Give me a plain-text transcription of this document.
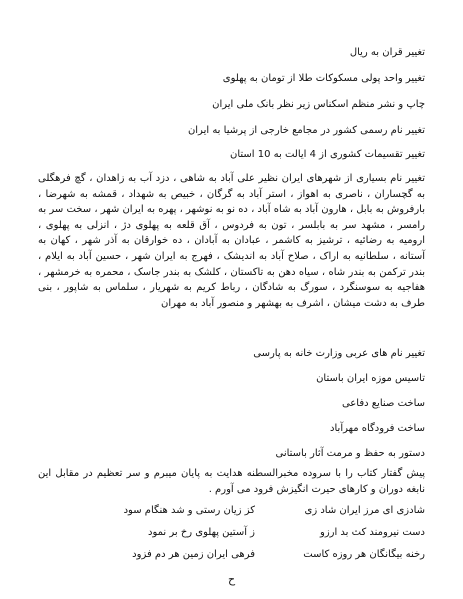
تغییر قران به ریال
تغییر واحد پولی مسکوکات طلا از تومان به پهلوی
چاپ و نشر منظم اسکناس زیر نظر بانک ملی ایران
تغییر نام رسمی کشور در مجامع خارجی از پرشیا به ایران
تغییر تقسیمات کشوری از 4 ایالت به 10 استان
تغییر نام بسیاری از شهرهای ایران نظیر علی آباد به شاهی ، دزد آب به زاهدان ، گچ فرهگلی به گچساران ، ناصری به اهواز ، استر آباد به گرگان ، خبیص به شهداد ، قمشه به شهرضا ، بارفروش به بابل ، هارون آباد به شاه آباد ، ده نو به نوشهر ، پهره به ایران شهر ، سخت سر به رامسر ، مشهد سر به بابلسر ، تون به فردوس ، آق قلعه به پهلوی دژ ، انزلی به پهلوی ، ارومیه به رضائیه ، ترشیز به کاشمر ، عبادان به آبادان ، ده خوارقان به آذر شهر ، کهان به آستانه ، سلطانیه به اراک ، صلاح آباد به اندیشک ، فهرج به ایران شهر ، حسین آباد به ایلام ، بندر ترکمن به بندر شاه ، سیاه دهن به تاکستان ، کلشک به بندر جاسک ، محمره به خرمشهر ، هفاجیه به سوسنگرد ، سورگ به شادگان ، رباط کریم به شهریار ، سلماس به شاپور ، بنی طرف به دشت میشان ، اشرف به بهشهر و منصور آباد به مهران
تغییر نام های عربی وزارت خانه به پارسی
تاسیس موزه ایران باستان
ساخت صنایع دفاعی
ساخت فرودگاه مهرآباد
دستور به حفظ و مرمت آثار باستانی
پیش گفتار کتاب را با سروده مخبرالسطنه هدایت به پایان میبرم و سر تعظیم در مقابل این نابغه دوران و کارهای حیرت انگیزش فرود می آورم .
شادزی ای مرز ایران شاد زی
کز زیان رستی و شد هنگام سود
دست نیرومند کث بد ارزو
ز آستین پهلوی رخ بر نمود
رخنه بیگانگان هر روزه کاست
فرهی ایران زمین هر دم فزود
ح
